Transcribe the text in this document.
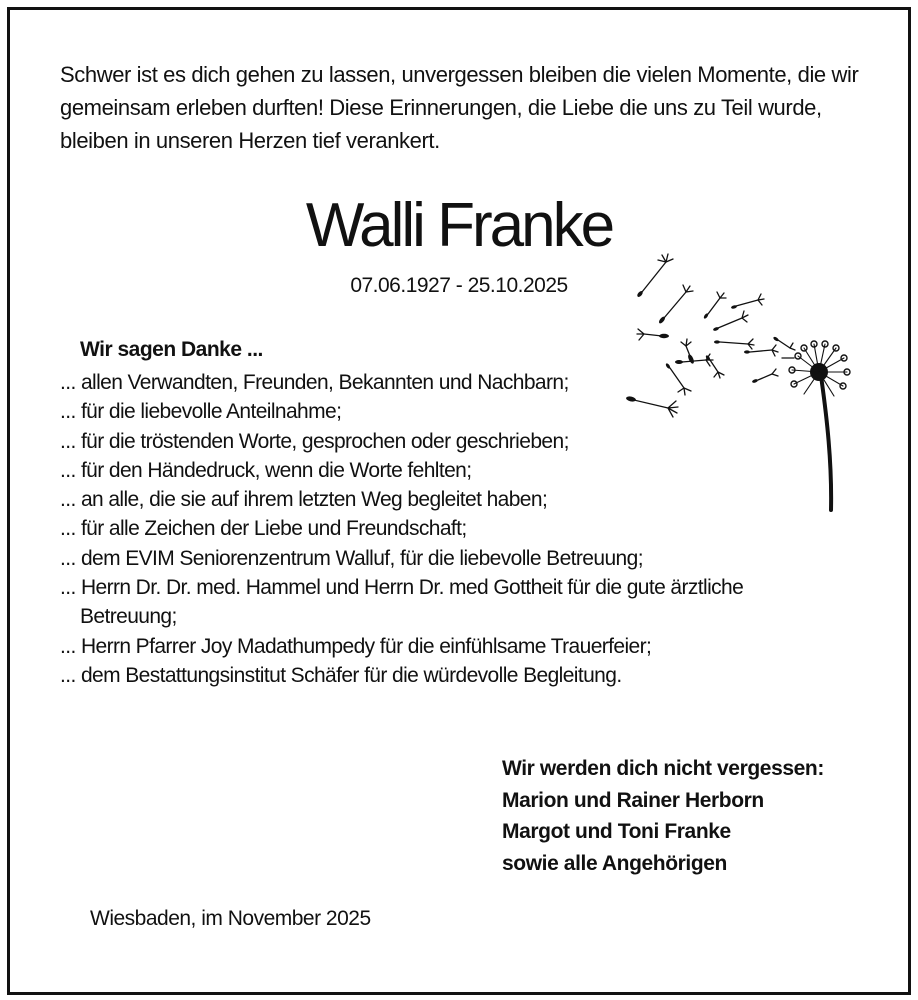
Schwer ist es dich gehen zu lassen, unvergessen bleiben die vielen Momente, die wir
gemeinsam erleben durften! Diese Erinnerungen, die Liebe die uns zu Teil wurde,
bleiben in unseren Herzen tief verankert.
Walli Franke
07.06.1927 - 25.10.2025
Wir sagen Danke ...
... allen Verwandten, Freunden, Bekannten und Nachbarn;
... für die liebevolle Anteilnahme;
... für die tröstenden Worte, gesprochen oder geschrieben;
... für den Händedruck, wenn die Worte fehlten;
... an alle, die sie auf ihrem letzten Weg begleitet haben;
... für alle Zeichen der Liebe und Freundschaft;
... dem EVIM Seniorenzentrum Walluf, für die liebevolle Betreuung;
... Herrn Dr. Dr. med. Hammel und Herrn Dr. med Gottheit für die gute ärztliche
Betreuung;
... Herrn Pfarrer Joy Madathumpedy für die einfühlsame Trauerfeier;
... dem Bestattungsinstitut Schäfer für die würdevolle Begleitung.
Wir werden dich nicht vergessen:
Marion und Rainer Herborn
Margot und Toni Franke
sowie alle Angehörigen
Wiesbaden, im November 2025
